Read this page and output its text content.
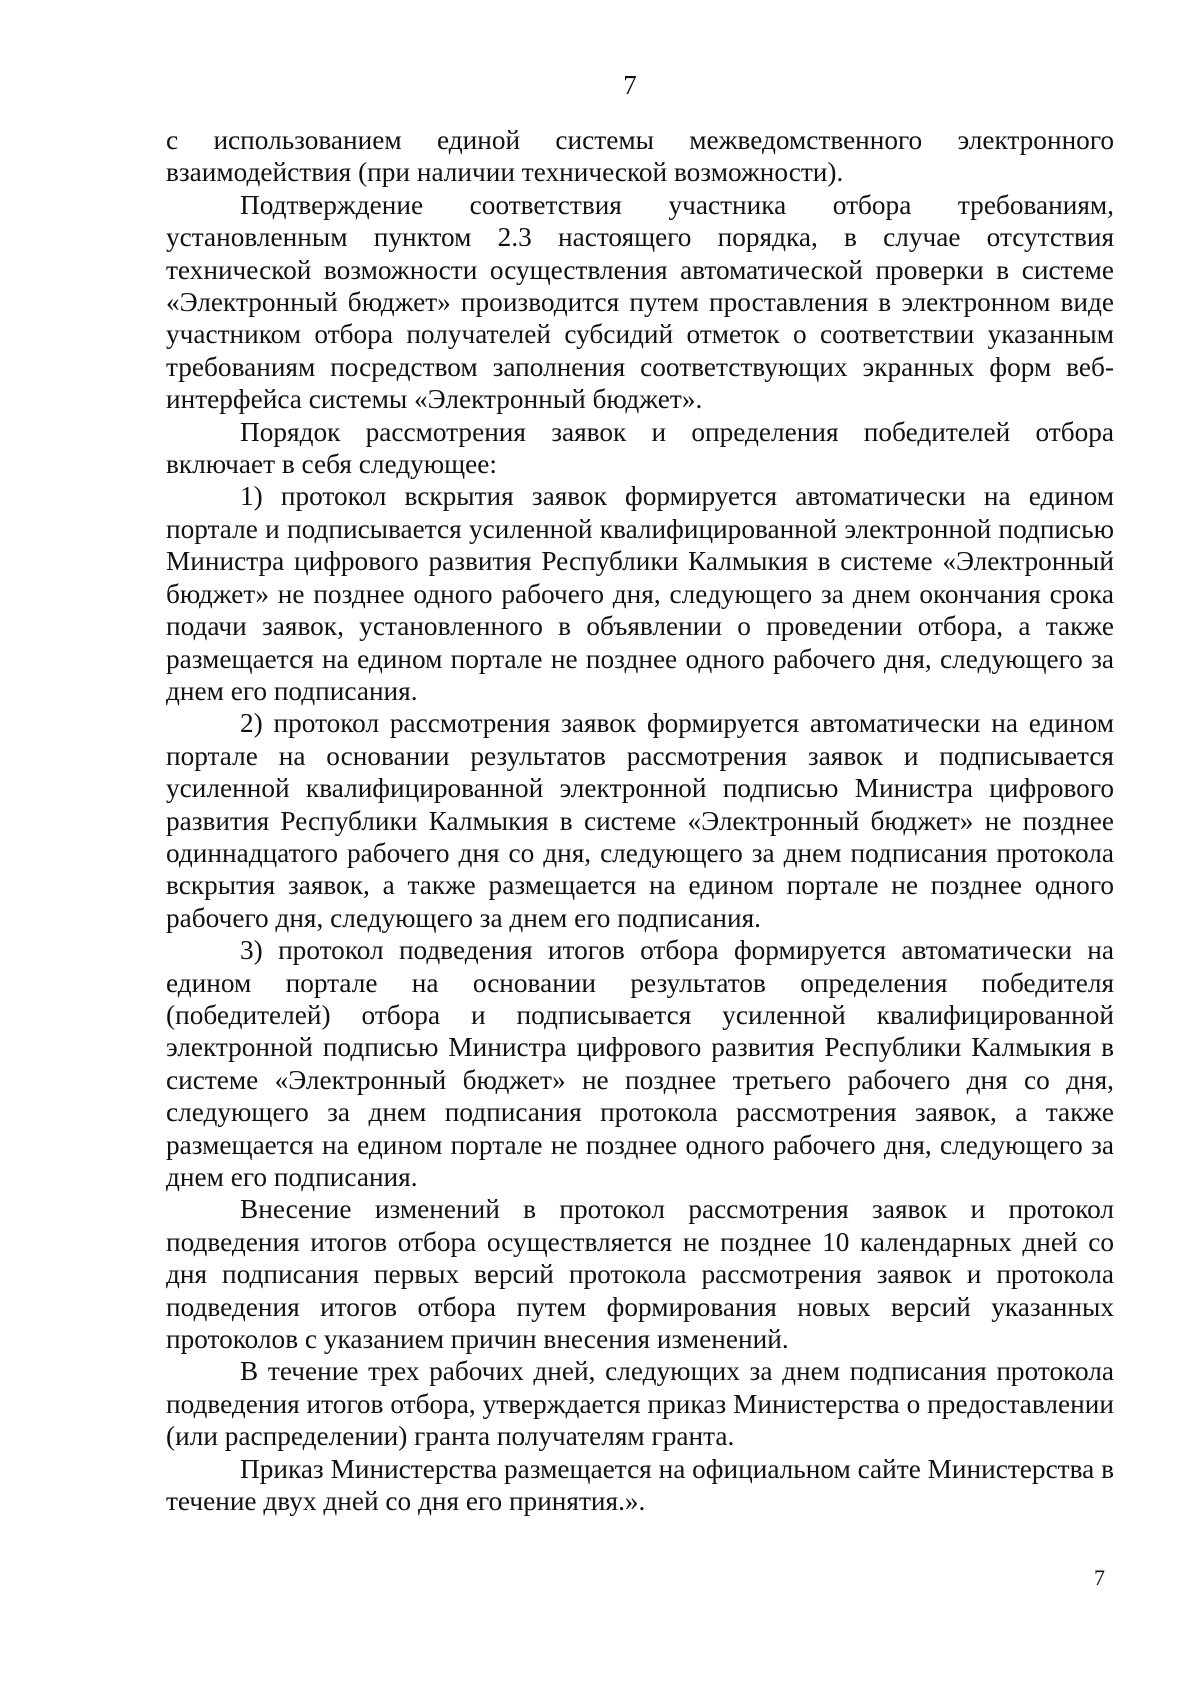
7

с использованием единой системы межведомственного электронного взаимодействия (при наличии технической возможности).

Подтверждение соответствия участника отбора требованиям, установленным пунктом 2.3 настоящего порядка, в случае отсутствия технической возможности осуществления автоматической проверки в системе «Электронный бюджет» производится путем проставления в электронном виде участником отбора получателей субсидий отметок о соответствии указанным требованиям посредством заполнения соответствующих экранных форм веб-интерфейса системы «Электронный бюджет».

Порядок рассмотрения заявок и определения победителей отбора включает в себя следующее:

1) протокол вскрытия заявок формируется автоматически на едином портале и подписывается усиленной квалифицированной электронной подписью Министра цифрового развития Республики Калмыкия в системе «Электронный бюджет» не позднее одного рабочего дня, следующего за днем окончания срока подачи заявок, установленного в объявлении о проведении отбора, а также размещается на едином портале не позднее одного рабочего дня, следующего за днем его подписания.

2) протокол рассмотрения заявок формируется автоматически на едином портале на основании результатов рассмотрения заявок и подписывается усиленной квалифицированной электронной подписью Министра цифрового развития Республики Калмыкия в системе «Электронный бюджет» не позднее одиннадцатого рабочего дня со дня, следующего за днем подписания протокола вскрытия заявок, а также размещается на едином портале не позднее одного рабочего дня, следующего за днем его подписания.

3) протокол подведения итогов отбора формируется автоматически на едином портале на основании результатов определения победителя (победителей) отбора и подписывается усиленной квалифицированной электронной подписью Министра цифрового развития Республики Калмыкия в системе «Электронный бюджет» не позднее третьего рабочего дня со дня, следующего за днем подписания протокола рассмотрения заявок, а также размещается на едином портале не позднее одного рабочего дня, следующего за днем его подписания.

Внесение изменений в протокол рассмотрения заявок и протокол подведения итогов отбора осуществляется не позднее 10 календарных дней со дня подписания первых версий протокола рассмотрения заявок и протокола подведения итогов отбора путем формирования новых версий указанных протоколов с указанием причин внесения изменений.

В течение трех рабочих дней, следующих за днем подписания протокола подведения итогов отбора, утверждается приказ Министерства о предоставлении (или распределении) гранта получателям гранта.

Приказ Министерства размещается на официальном сайте Министерства в течение двух дней со дня его принятия.».

7
